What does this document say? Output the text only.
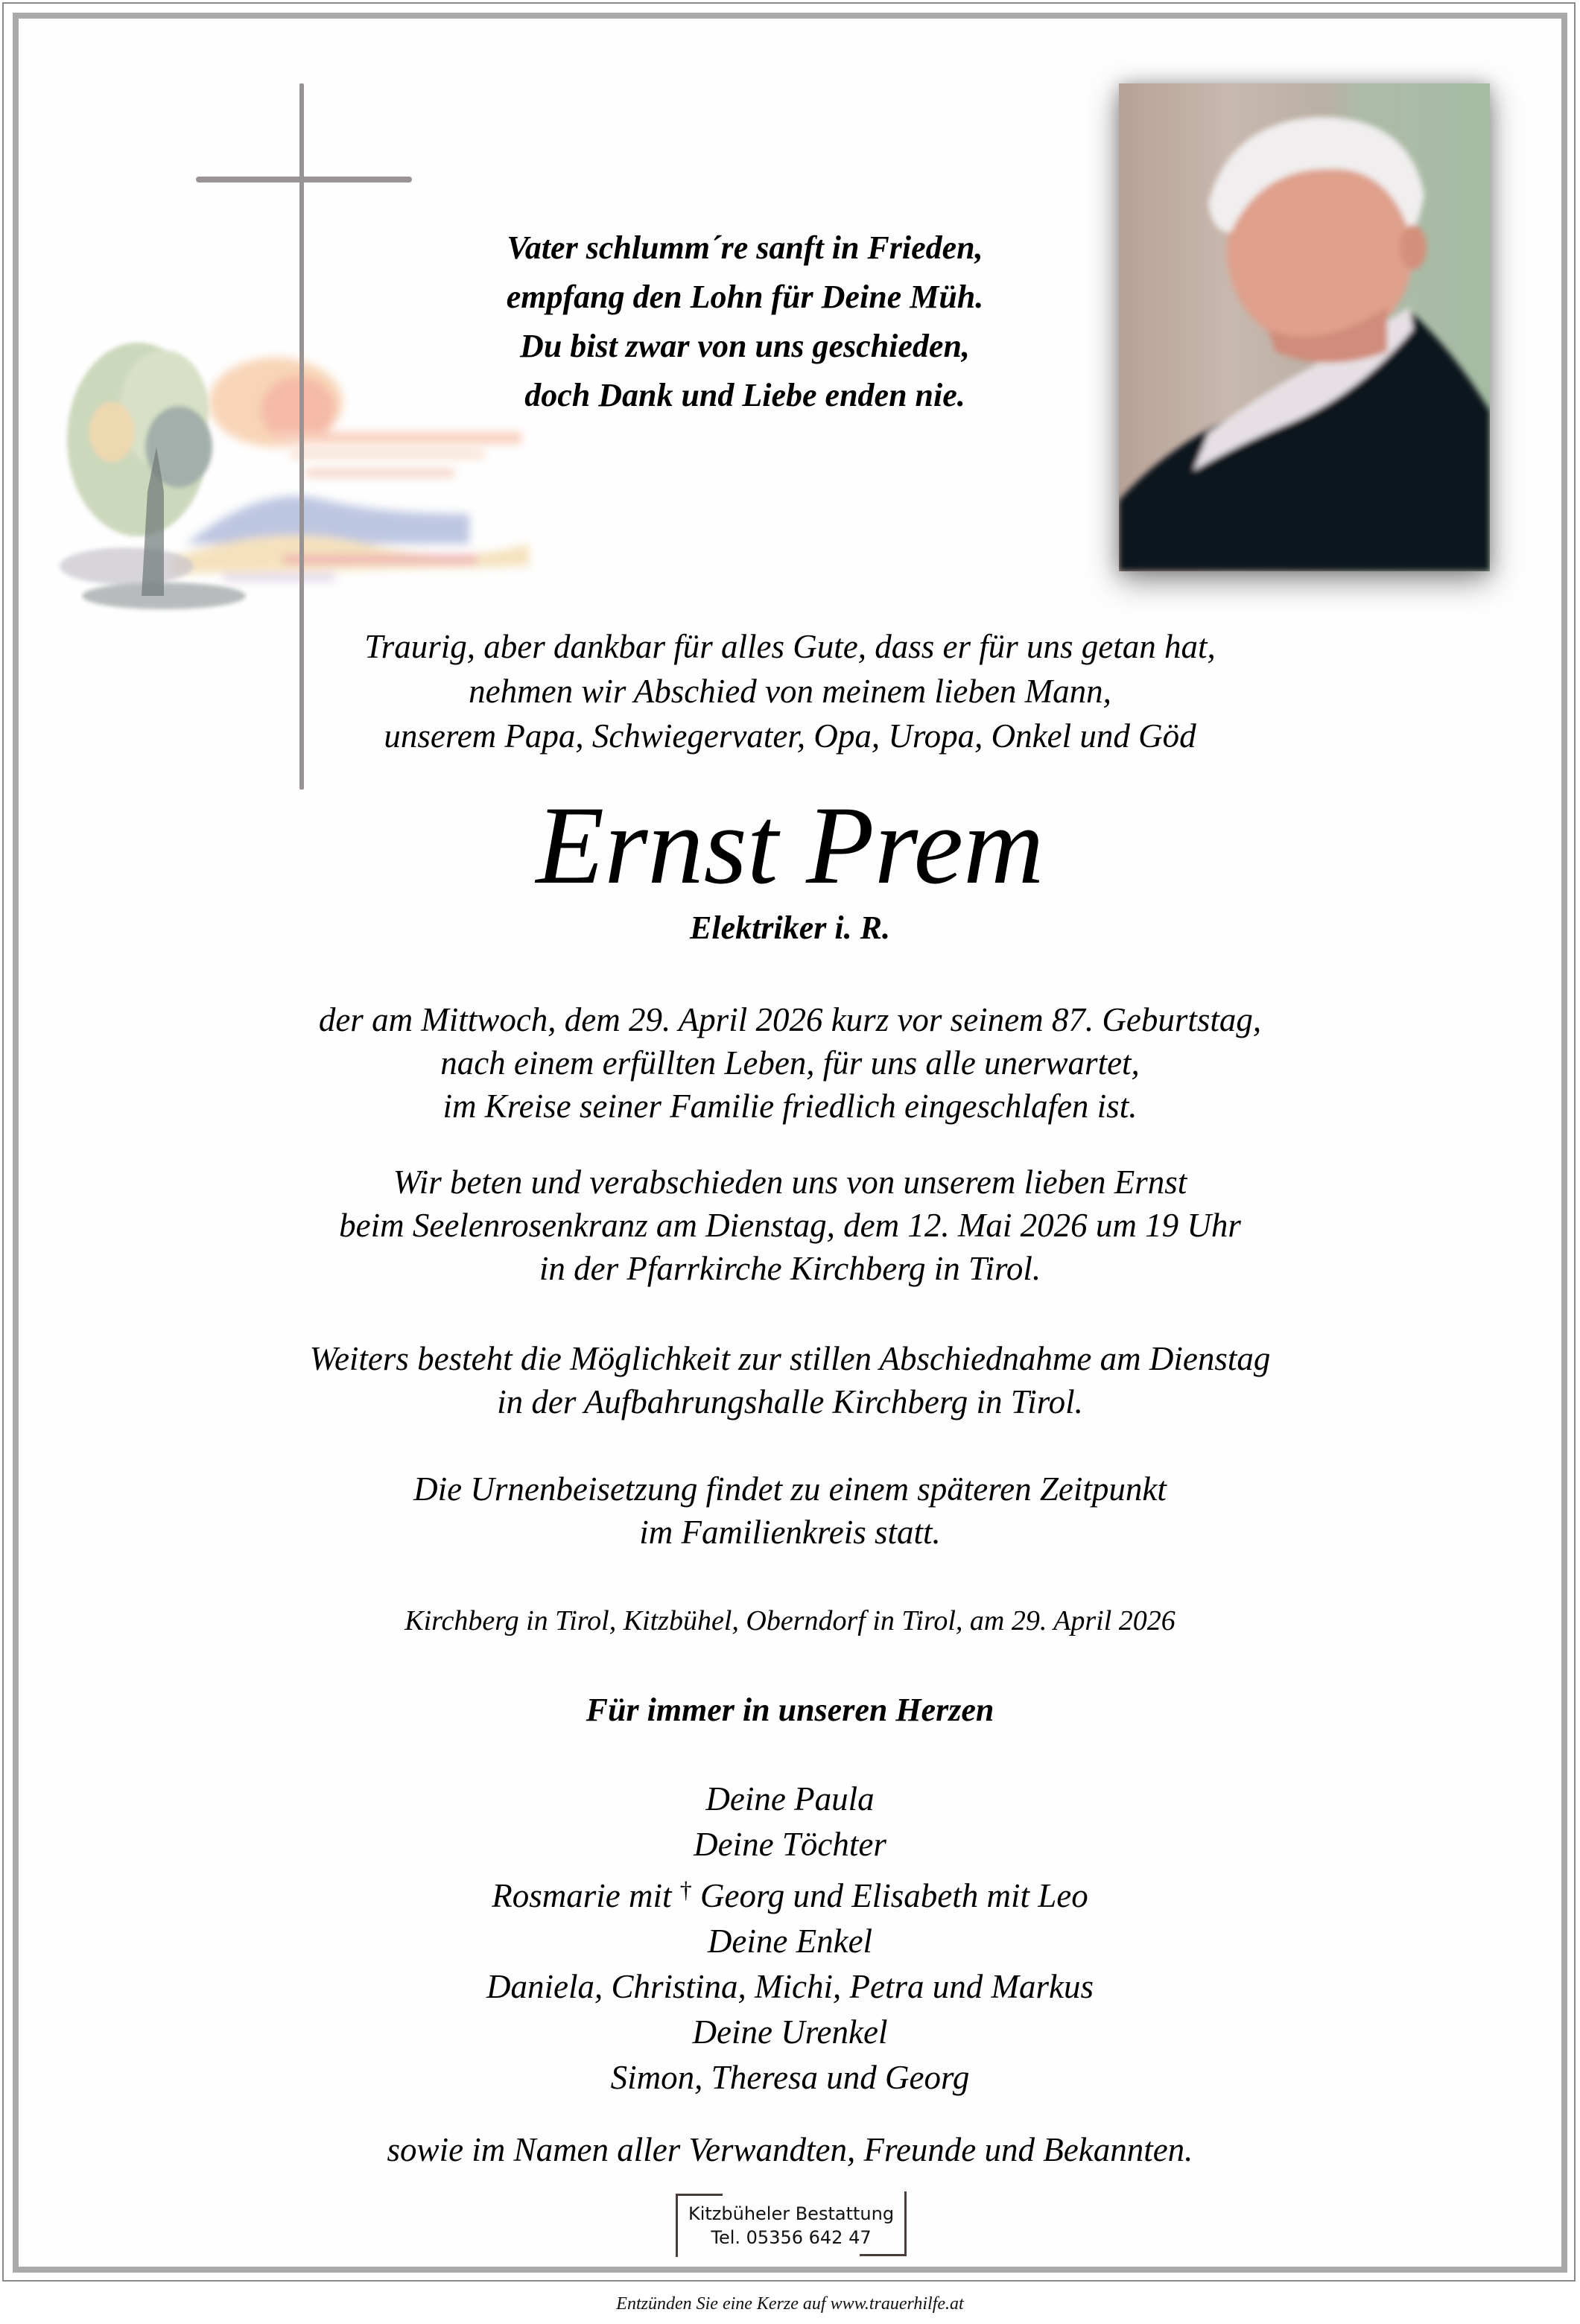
Vater schlumm´re sanft in Frieden,
empfang den Lohn für Deine Müh.
Du bist zwar von uns geschieden,
doch Dank und Liebe enden nie.
Traurig, aber dankbar für alles Gute, dass er für uns getan hat,
nehmen wir Abschied von meinem lieben Mann,
unserem Papa, Schwiegervater, Opa, Uropa, Onkel und Göd
Ernst Prem
Elektriker i. R.
der am Mittwoch, dem 29. April 2026 kurz vor seinem 87. Geburtstag,
nach einem erfüllten Leben, für uns alle unerwartet,
im Kreise seiner Familie friedlich eingeschlafen ist.
Wir beten und verabschieden uns von unserem lieben Ernst
beim Seelenrosenkranz am Dienstag, dem 12. Mai 2026 um 19 Uhr
in der Pfarrkirche Kirchberg in Tirol.
Weiters besteht die Möglichkeit zur stillen Abschiednahme am Dienstag
in der Aufbahrungshalle Kirchberg in Tirol.
Die Urnenbeisetzung findet zu einem späteren Zeitpunkt
im Familienkreis statt.
Kirchberg in Tirol, Kitzbühel, Oberndorf in Tirol, am 29. April 2026
Für immer in unseren Herzen
Deine Paula
Deine Töchter
Rosmarie mit † Georg und Elisabeth mit Leo
Deine Enkel
Daniela, Christina, Michi, Petra und Markus
Deine Urenkel
Simon, Theresa und Georg
sowie im Namen aller Verwandten, Freunde und Bekannten.
Kitzbüheler Bestattung
Tel. 05356 642 47
Entzünden Sie eine Kerze auf www.trauerhilfe.at
